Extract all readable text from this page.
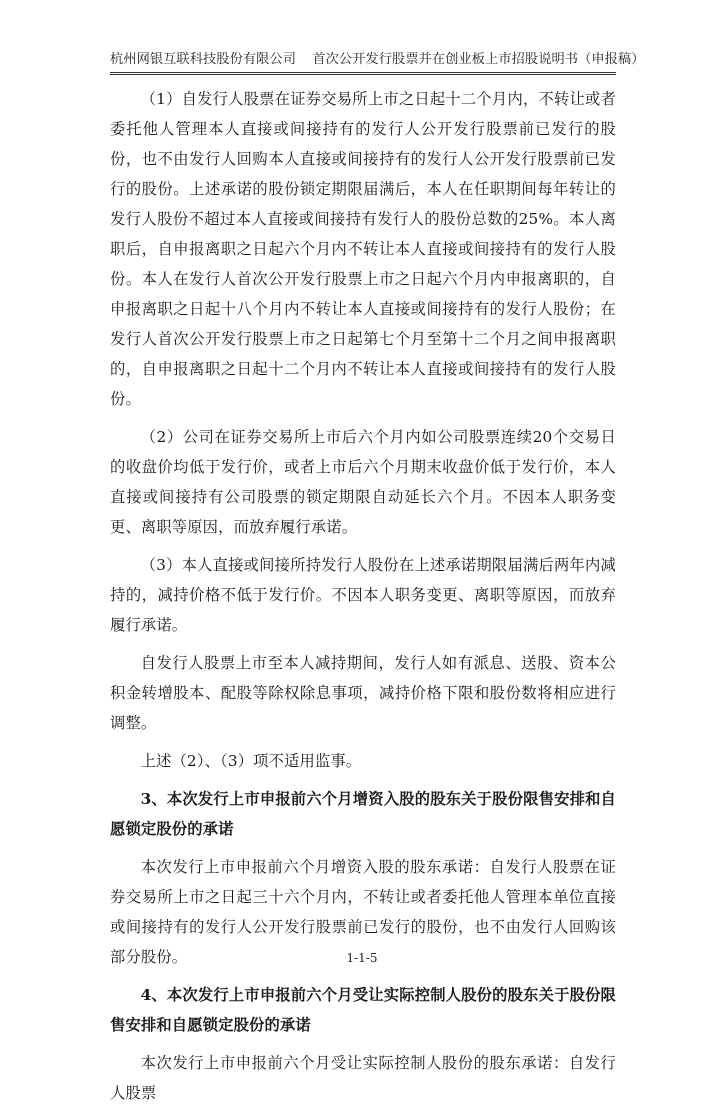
杭州网银互联科技股份有限公司 首次公开发行股票并在创业板上市招股说明书（申报稿）

（1）自发行人股票在证券交易所上市之日起十二个月内，不转让或者委托他人管理本人直接或间接持有的发行人公开发行股票前已发行的股份，也不由发行人回购本人直接或间接持有的发行人公开发行股票前已发行的股份。上述承诺的股份锁定期限届满后，本人在任职期间每年转让的发行人股份不超过本人直接或间接持有发行人的股份总数的25%。本人离职后，自申报离职之日起六个月内不转让本人直接或间接持有的发行人股份。本人在发行人首次公开发行股票上市之日起六个月内申报离职的，自申报离职之日起十八个月内不转让本人直接或间接持有的发行人股份；在发行人首次公开发行股票上市之日起第七个月至第十二个月之间申报离职的，自申报离职之日起十二个月内不转让本人直接或间接持有的发行人股份。

（2）公司在证券交易所上市后六个月内如公司股票连续20个交易日的收盘价均低于发行价，或者上市后六个月期末收盘价低于发行价，本人直接或间接持有公司股票的锁定期限自动延长六个月。不因本人职务变更、离职等原因，而放弃履行承诺。

（3）本人直接或间接所持发行人股份在上述承诺期限届满后两年内减持的，减持价格不低于发行价。不因本人职务变更、离职等原因，而放弃履行承诺。

自发行人股票上市至本人减持期间，发行人如有派息、送股、资本公积金转增股本、配股等除权除息事项，减持价格下限和股份数将相应进行调整。

上述（2）、（3）项不适用监事。

3、本次发行上市申报前六个月增资入股的股东关于股份限售安排和自愿锁定股份的承诺

本次发行上市申报前六个月增资入股的股东承诺：自发行人股票在证券交易所上市之日起三十六个月内，不转让或者委托他人管理本单位直接或间接持有的发行人公开发行股票前已发行的股份，也不由发行人回购该部分股份。

4、本次发行上市申报前六个月受让实际控制人股份的股东关于股份限售安排和自愿锁定股份的承诺

本次发行上市申报前六个月受让实际控制人股份的股东承诺：自发行人股票

1-1-5
